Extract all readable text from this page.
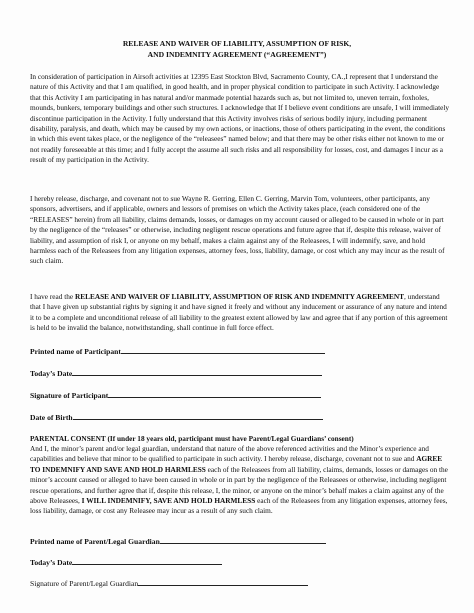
RELEASE AND WAIVER OF LIABILITY, ASSUMPTION OF RISK,
AND INDEMNITY AGREEMENT (“AGREEMENT”)
In consideration of participation in Airsoft activities at 12395 East Stockton Blvd, Sacramento County, CA.,I represent that I understand the nature of this Activity and that I am qualified, in good health, and in proper physical condition to participate in such Activity. I acknowledge that this Activity I am participating in has natural and/or manmade potential hazards such as, but not limited to, uneven terrain, foxholes, mounds, bunkers, temporary buildings and other such structures. I acknowledge that If I believe event conditions are unsafe, I will immediately discontinue participation in the Activity. I fully understand that this Activity involves risks of serious bodily injury, including permanent disability, paralysis, and death, which may be caused by my own actions, or inactions, those of others participating in the event, the conditions in which this event takes place, or the negligence of the “releasees” named below; and that there may be other risks either not known to me or not readily foreseeable at this time; and I fully accept the assume all such risks and all responsibility for losses, cost, and damages I incur as a result of my participation in the Activity.
I hereby release, discharge, and covenant not to sue Wayne R. Gerring, Ellen C. Gerring, Marvin Tom, volunteers, other participants, any sponsors, advertisers, and if applicable, owners and lessors of premises on which the Activity takes place, (each considered one of the “RELEASES” herein) from all liability, claims demands, losses, or damages on my account caused or alleged to be caused in whole or in part by the negligence of the “releases” or otherwise, including negligent rescue operations and future agree that if, despite this release, waiver of liability, and assumption of risk I, or anyone on my behalf, makes a claim against any of the Releasees, I will indemnify, save, and hold harmless each of the Releasees from any litigation expenses, attorney fees, loss, liability, damage, or cost which any may incur as the result of such claim.
I have read the RELEASE AND WAIVER OF LIABILITY, ASSUMPTION OF RISK AND INDEMNITY AGREEMENT, understand that I have given up substantial rights by signing it and have signed it freely and without any inducement or assurance of any nature and intend it to be a complete and unconditional release of all liability to the greatest extent allowed by law and agree that if any portion of this agreement is held to be invalid the balance, notwithstanding, shall continue in full force effect.
Printed name of Participant
Today’s Date
Signature of Participant
Date of Birth
PARENTAL CONSENT (If under 18 years old, participant must have Parent/Legal Guardians’ consent)
And I, the minor’s parent and/or legal guardian, understand that nature of the above referenced activities and the Minor’s experience and capabilities and believe that minor to be qualified to participate in such activity. I hereby release, discharge, covenant not to sue and AGREE TO INDEMNIFY AND SAVE AND HOLD HARMLESS each of the Releasees from all liability, claims, demands, losses or damages on the minor’s account caused or alleged to have been caused in whole or in part by the negligence of the Releasees or otherwise, including negligent rescue operations, and further agree that if, despite this release, I, the minor, or anyone on the minor’s behalf makes a claim against any of the above Releasees, I WILL INDEMNIFY, SAVE AND HOLD HARMLESS each of the Releasees from any litigation expenses, attorney fees, loss liability, damage, or cost any Releasee may incur as a result of any such claim.
Printed name of Parent/Legal Guardian
Today’s Date
Signature of Parent/Legal Guardian
